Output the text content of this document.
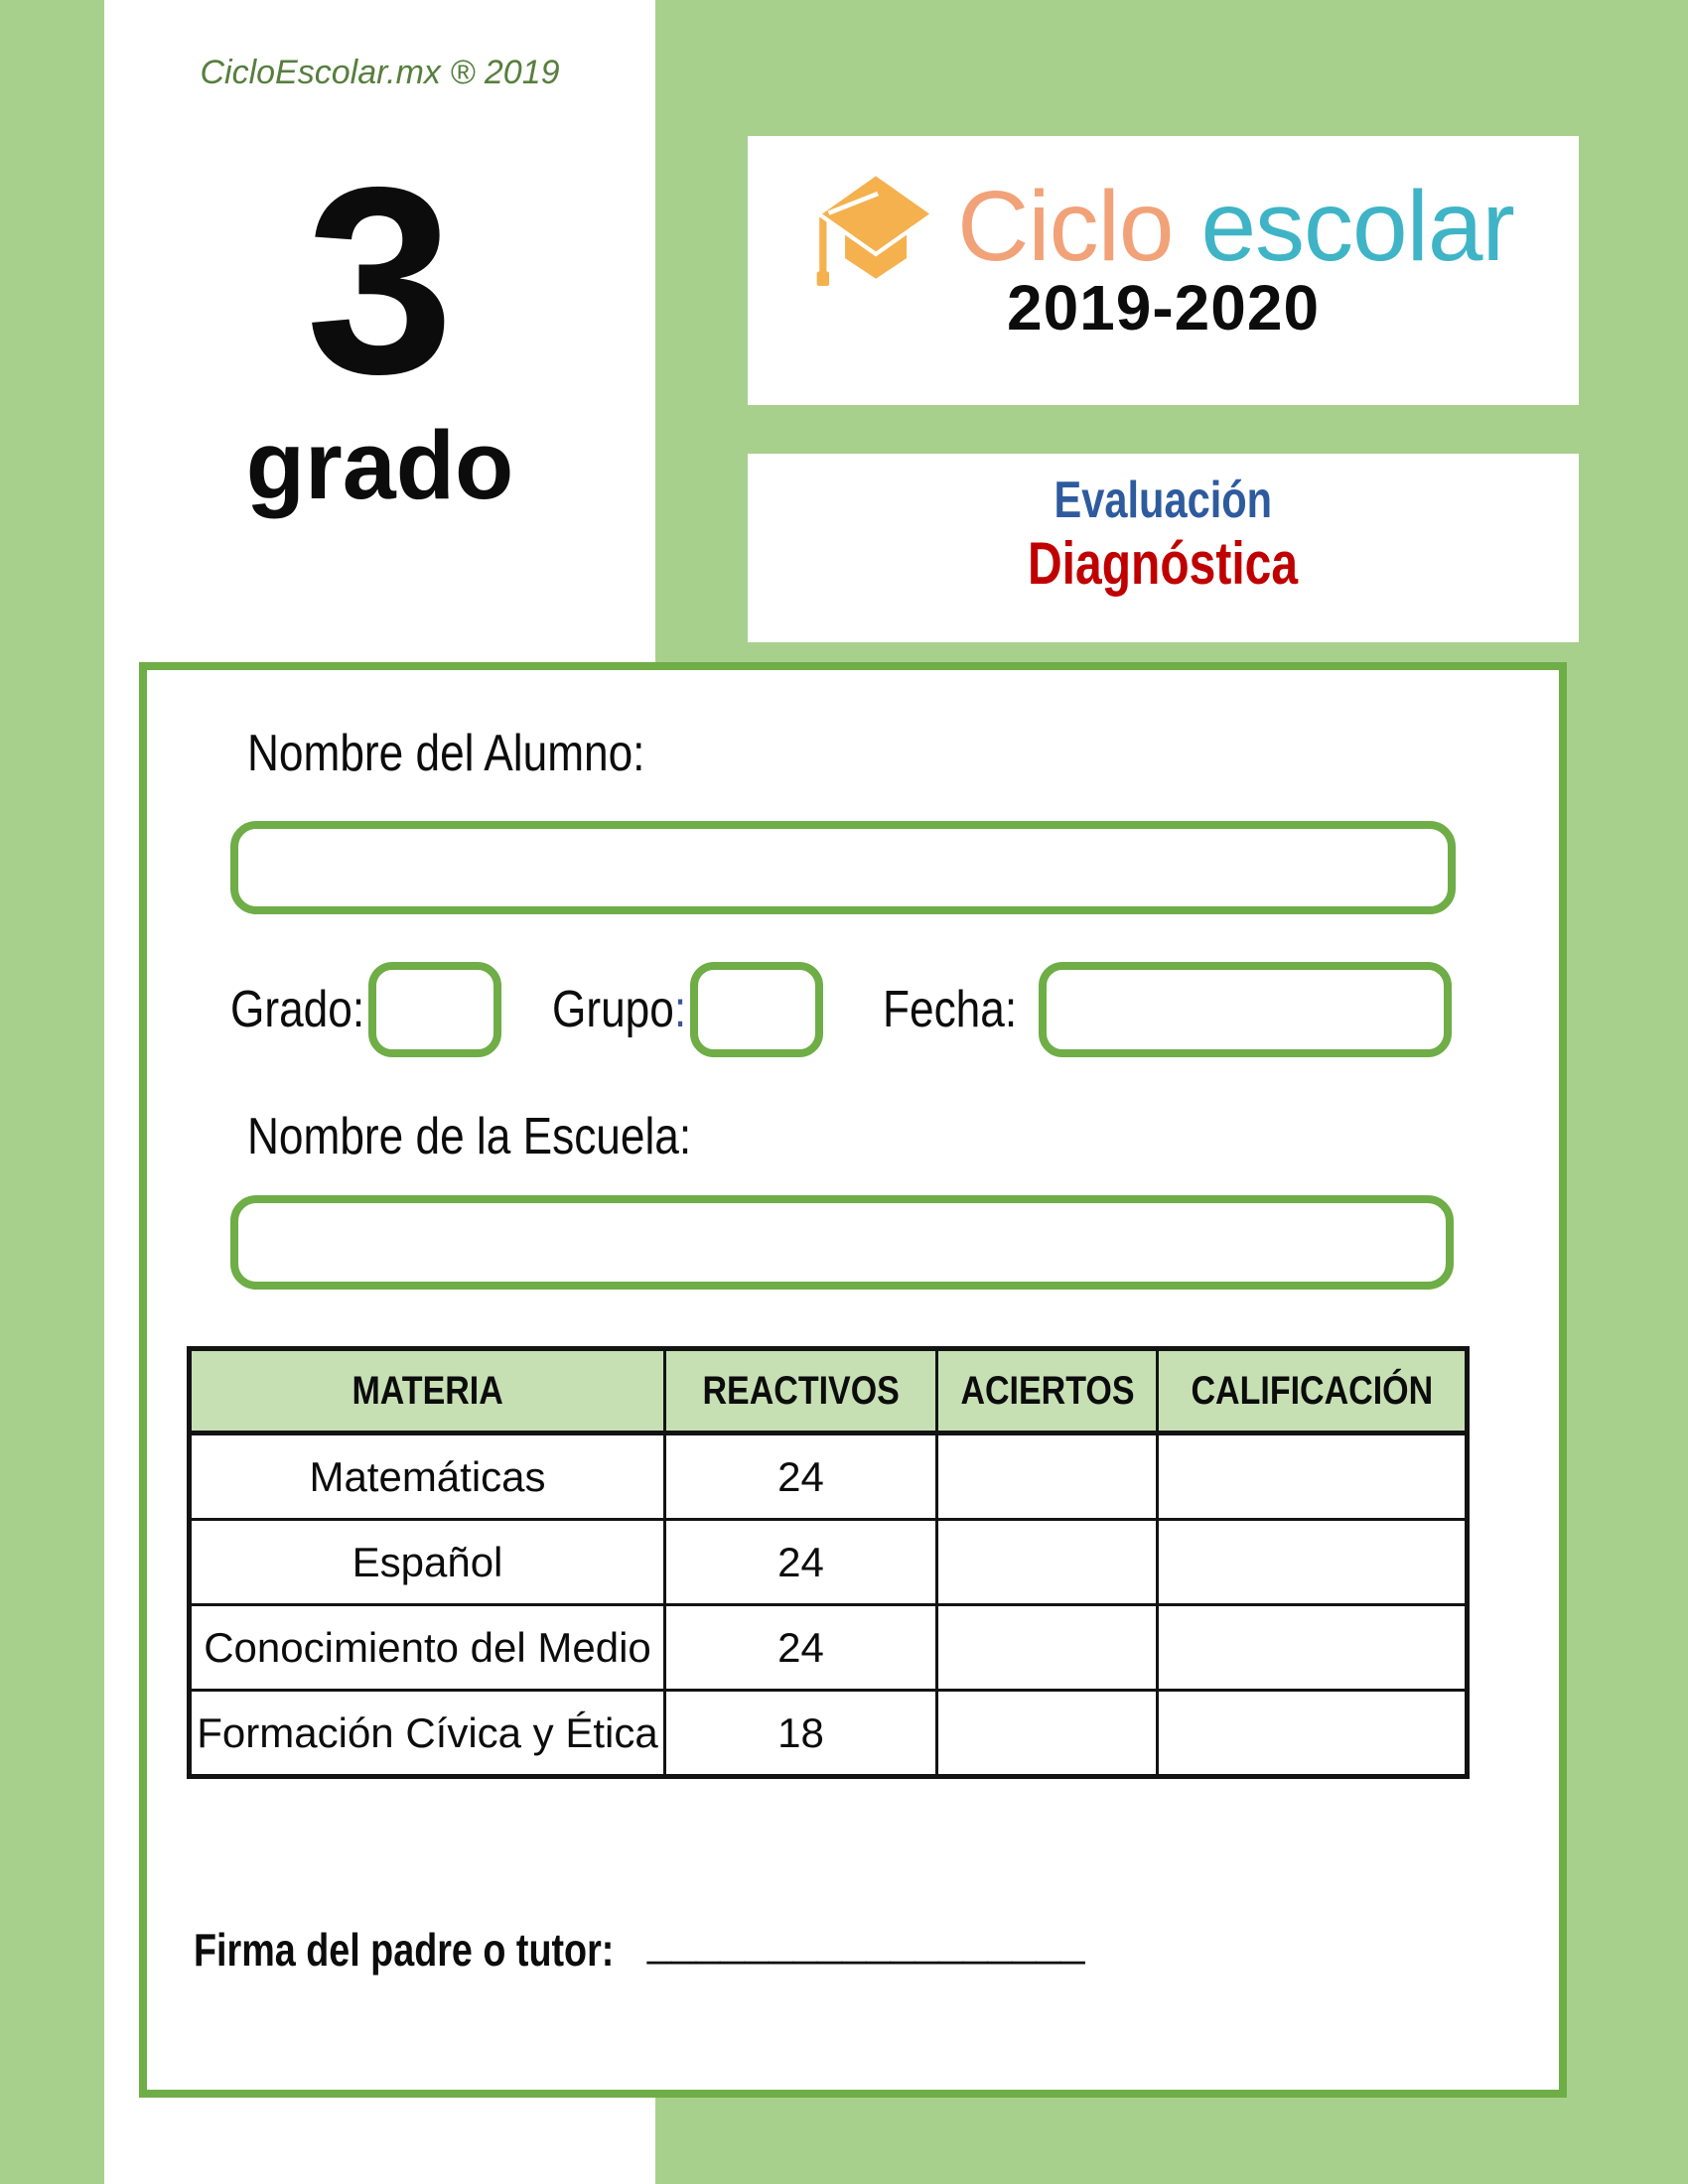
CicloEscolar.mx ® 2019
3
grado
Ciclo escolar
2019-2020
Evaluación
Diagnóstica
Nombre del Alumno:
Grado:	Grupo:	Fecha:
Nombre de la Escuela:
MATERIA	REACTIVOS	ACIERTOS	CALIFICACIÓN
Matemáticas	24		
Español	24		
Conocimiento del Medio	24		
Formación Cívica y Ética	18		
Firma del padre o tutor: __________________
